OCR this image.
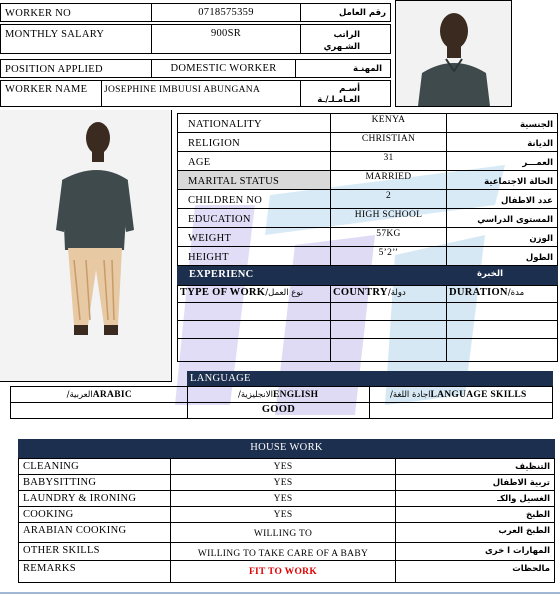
WORKER NO	0718575359	رقم العامل
MONTHLY SALARY	900SR	الراتب
الشـهري
POSITION APPLIED	DOMESTIC WORKER	المهنـة
WORKER NAME	JOSEPHINE IMBUUSI ABUNGANA	أسـم
العـامـلـ/ـة
NATIONALITY	KENYA	الجنسية
RELIGION	CHRISTIAN	الديانة
AGE	31	العمـــر
MARITAL STATUS	MARRIED	الحالة الاجتماعية
CHILDREN NO	2	عدد الاطفال
EDUCATION	HIGH SCHOOL	المستوى الدراسي
WEIGHT	57KG	الوزن
HEIGHT	5’2’’	الطول
EXPERIENC	الخبرة
TYPE OF WORK/نوع العمل	COUNTRY/دولة	DURATION/مدة
LANGUAGE
/العربيةARABIC	/الانجليزيةENGLISH	/اجادة اللغةLANGUAGE SKILLS
GOOD
HOUSE WORK
CLEANING	YES	التنظيف
BABYSITTING	YES	تربية الاطفال
LAUNDRY & IRONING	YES	الغسيل والكـ
COOKING	YES	الطبخ
ARABIAN COOKING	WILLING TO	الطبخ العرب
OTHER SKILLS	WILLING TO TAKE CARE OF A BABY	المهارات ا خرى
REMARKS	FIT TO WORK	مالحظات
